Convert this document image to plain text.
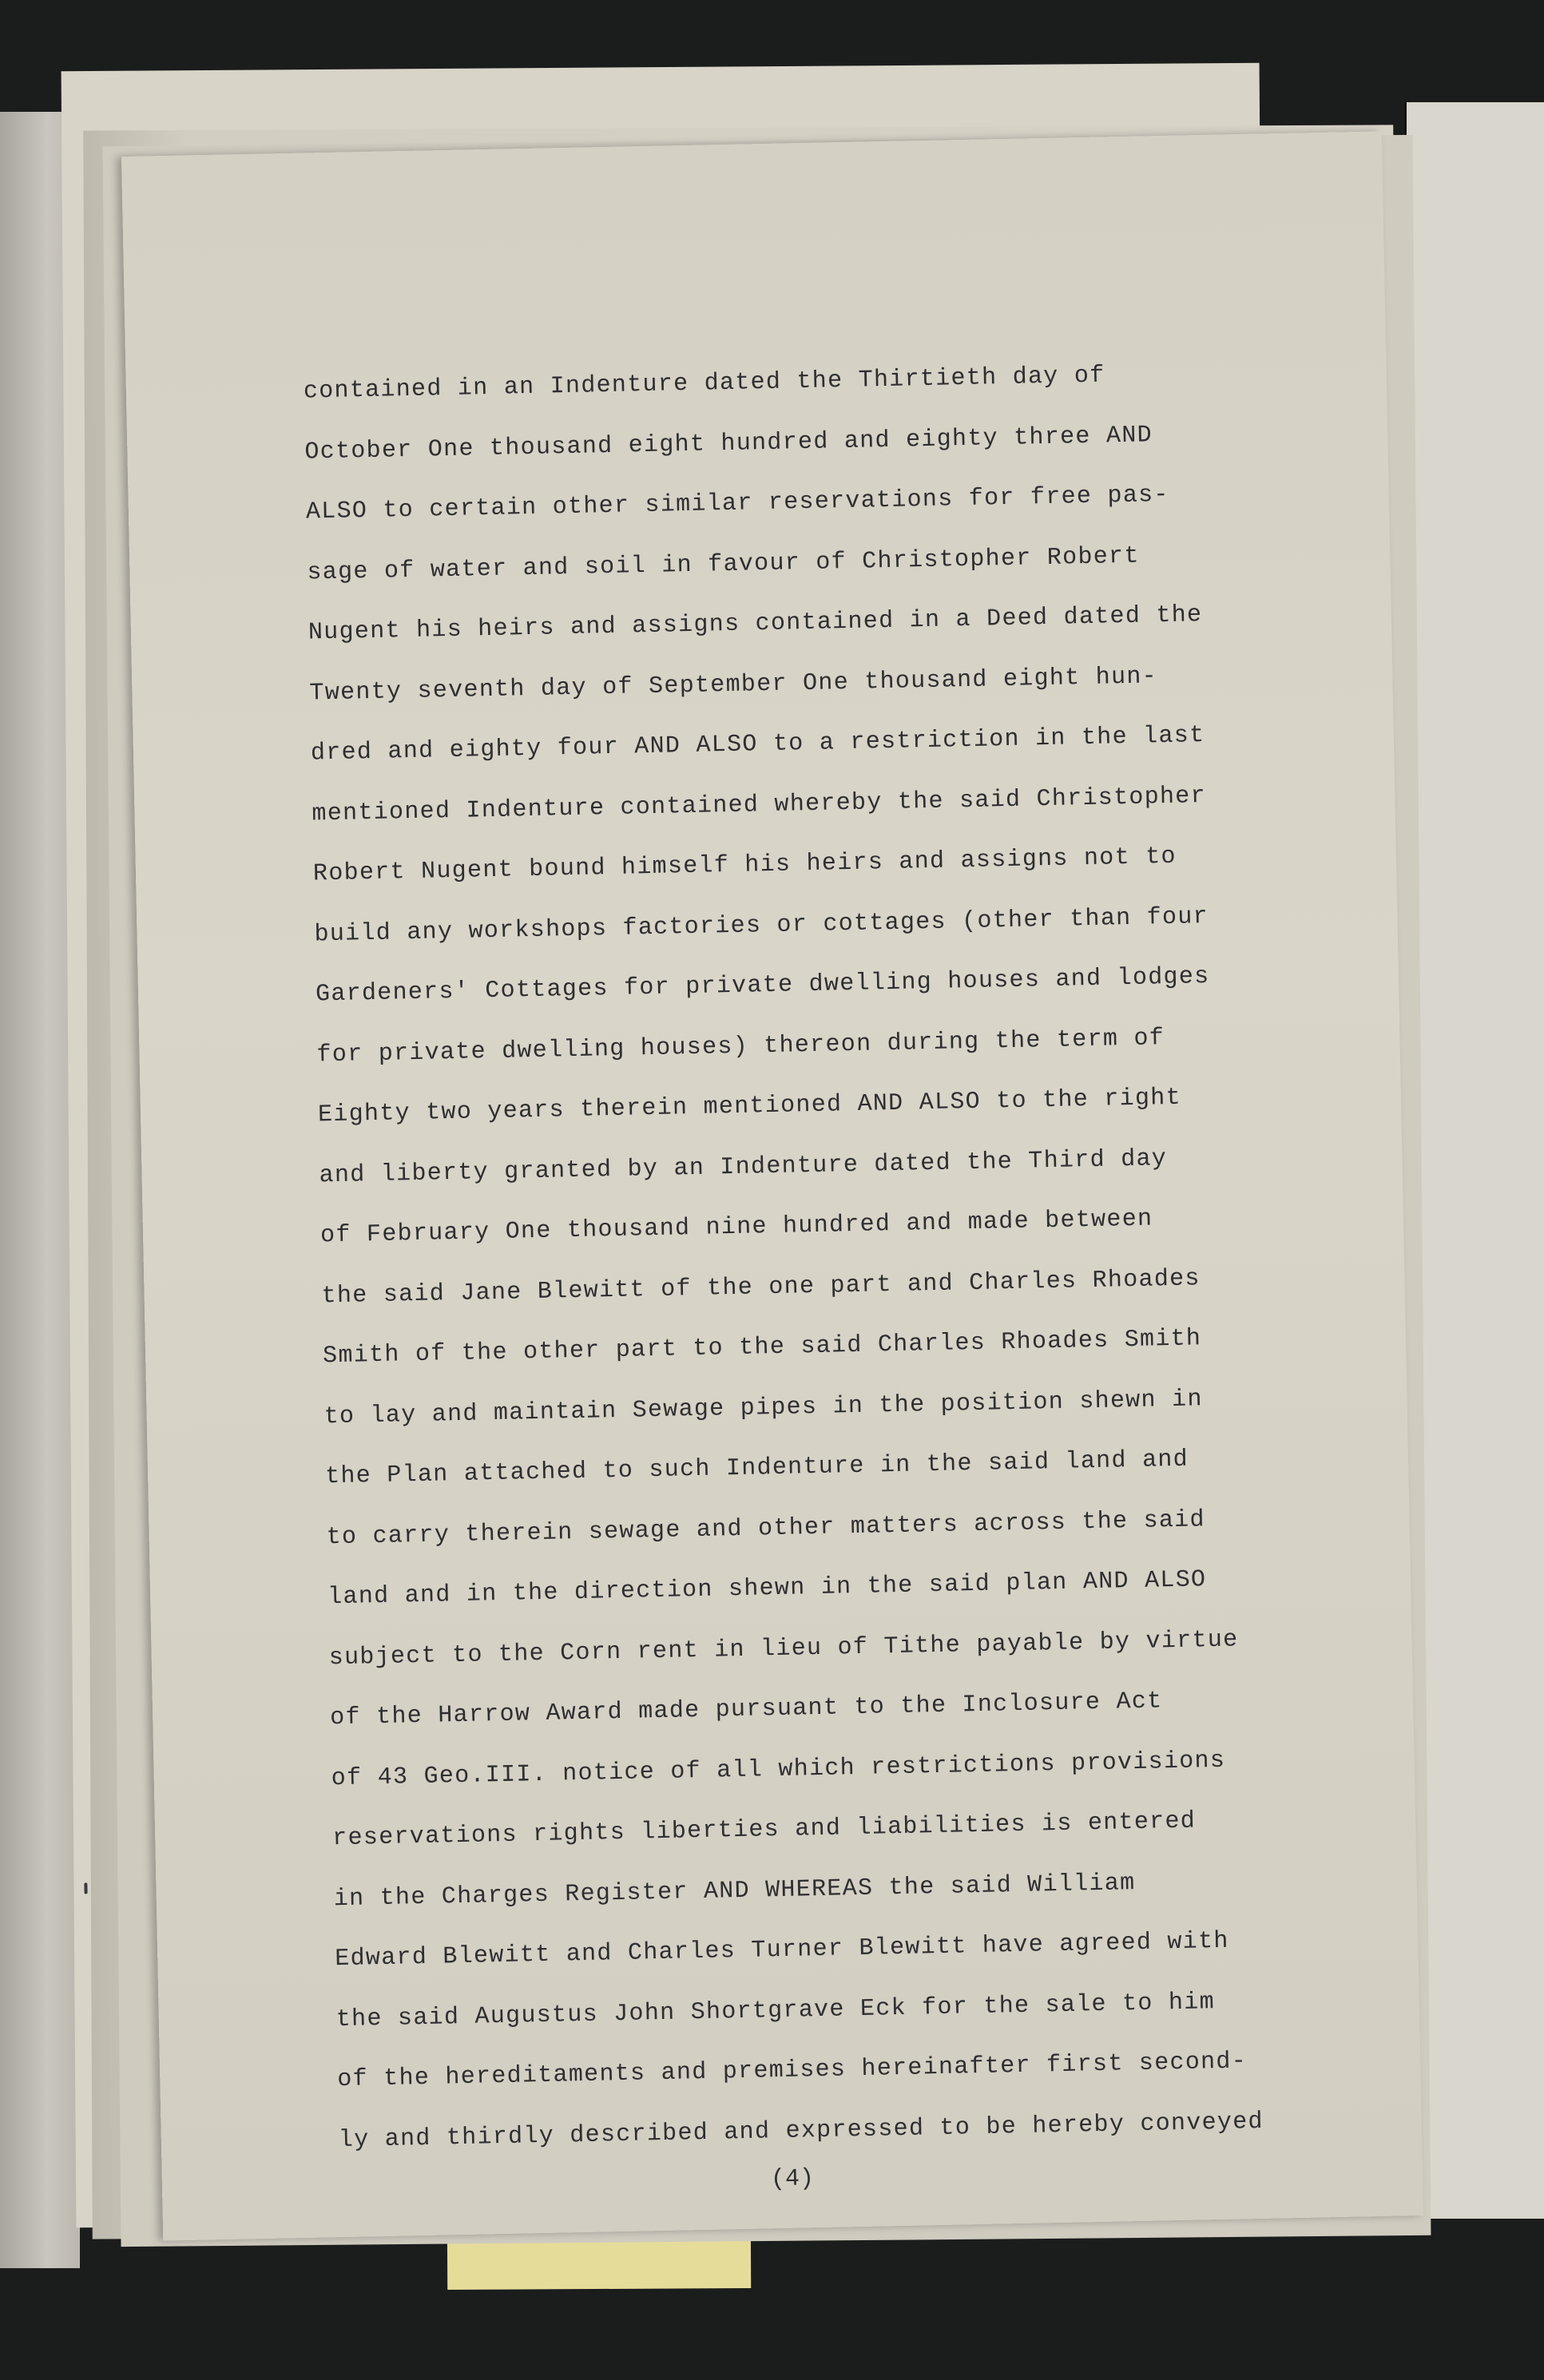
contained in an Indenture dated the Thirtieth day of
October One thousand eight hundred and eighty three AND
ALSO to certain other similar reservations for free pas-
sage of water and soil in favour of Christopher Robert
Nugent his heirs and assigns contained in a Deed dated the
Twenty seventh day of September One thousand eight hun-
dred and eighty four AND ALSO to a restriction in the last
mentioned Indenture contained whereby the said Christopher
Robert Nugent bound himself his heirs and assigns not to
build any workshops factories or cottages (other than four
Gardeners' Cottages for private dwelling houses and lodges
for private dwelling houses) thereon during the term of
Eighty two years therein mentioned AND ALSO to the right
and liberty granted by an Indenture dated the Third day
of February One thousand nine hundred and made between
the said Jane Blewitt of the one part and Charles Rhoades
Smith of the other part to the said Charles Rhoades Smith
to lay and maintain Sewage pipes in the position shewn in
the Plan attached to such Indenture in the said land and
to carry therein sewage and other matters across the said
land and in the direction shewn in the said plan AND ALSO
subject to the Corn rent in lieu of Tithe payable by virtue
of the Harrow Award made pursuant to the Inclosure Act
of 43 Geo.III. notice of all which restrictions provisions
reservations rights liberties and liabilities is entered
in the Charges Register AND WHEREAS the said William
Edward Blewitt and Charles Turner Blewitt have agreed with
the said Augustus John Shortgrave Eck for the sale to him
of the hereditaments and premises hereinafter first second-
ly and thirdly described and expressed to be hereby conveyed
(4)
